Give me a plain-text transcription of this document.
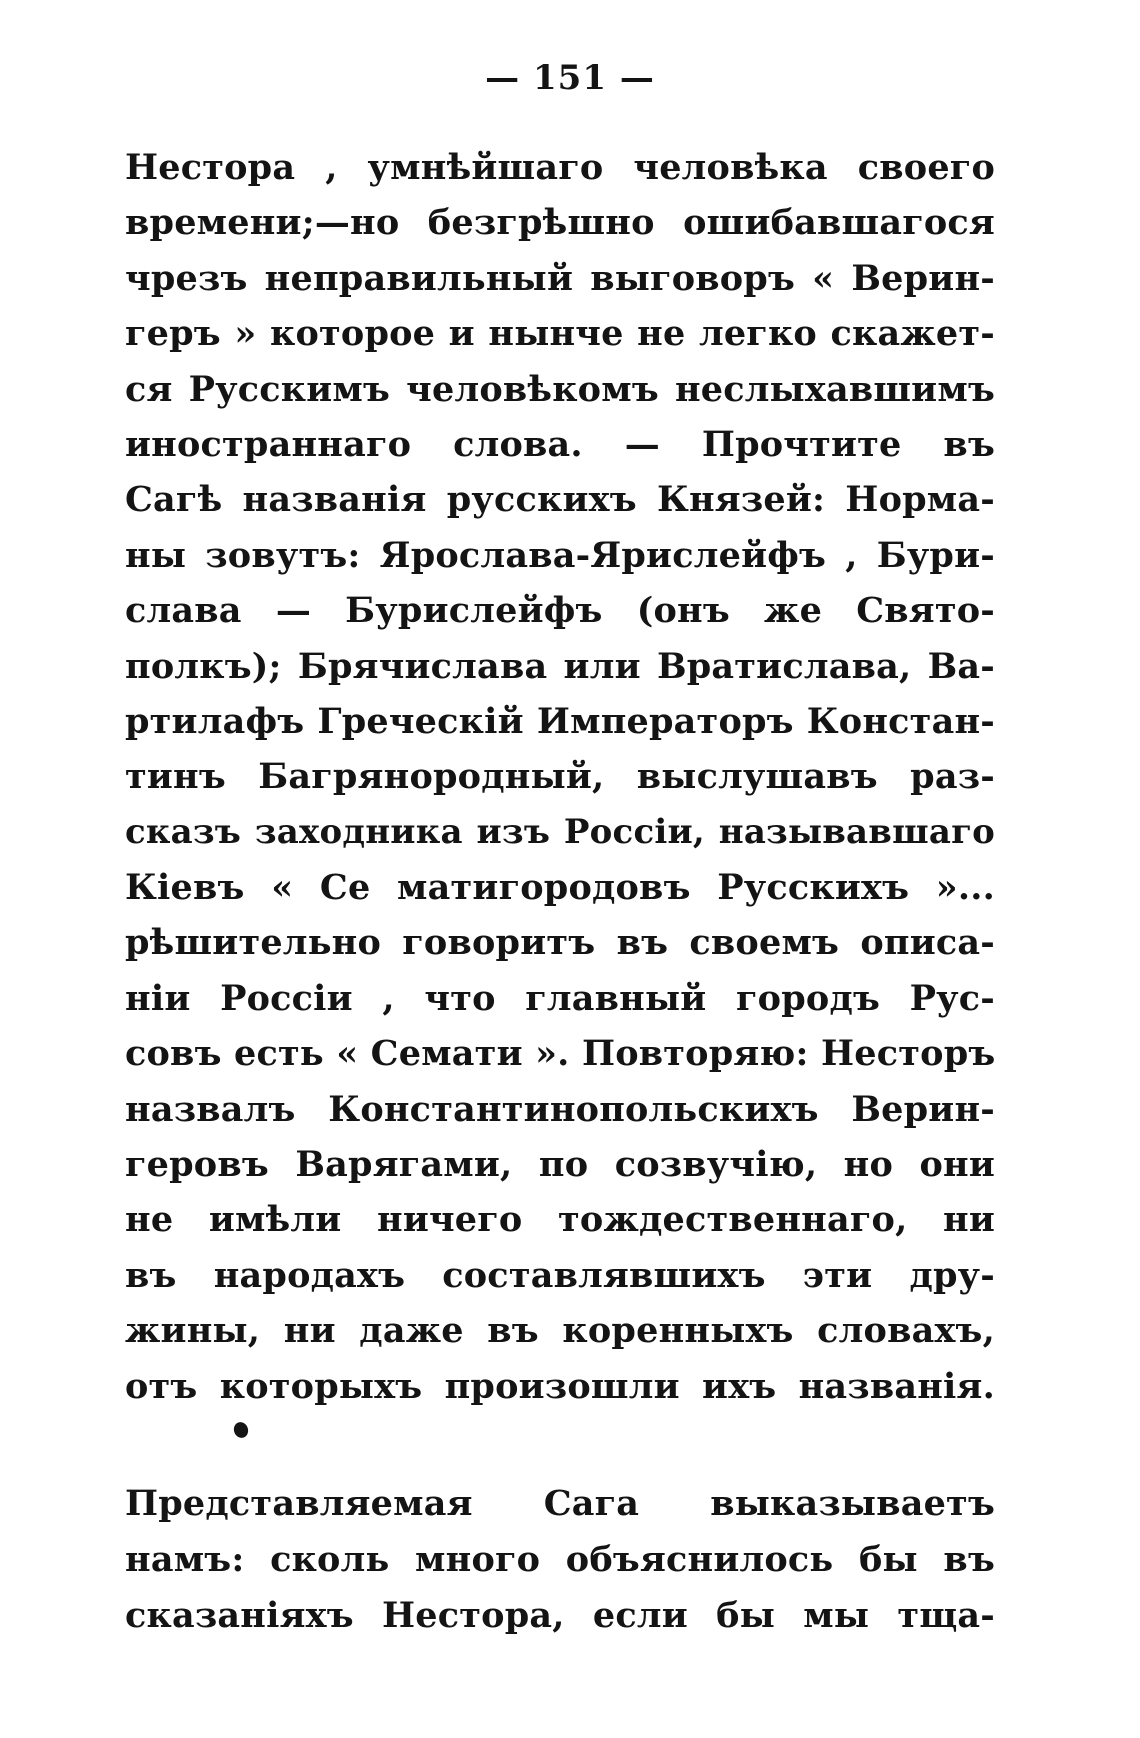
— 151 —
Нестора , умнѣйшаго человѣка своего
времени;—но безгрѣшно ошибавшагося
чрезъ неправильный выговоръ « Верин-
геръ » которое и нынче не легко скажет-
ся Русскимъ человѣкомъ неслыхавшимъ
иностраннаго слова. — Прочтите въ
Сагѣ названія русскихъ Князей: Норма-
ны зовутъ: Ярослава-Ярислейфъ , Бури-
слава — Бурислейфъ (онъ же Свято-
полкъ); Брячислава или Вратислава, Ва-
ртилафъ Греческій Императоръ Констан-
тинъ Багрянородный, выслушавъ раз-
сказъ заходника изъ Россіи, называвшаго
Кіевъ « Се матигородовъ Русскихъ »...
рѣшительно говоритъ въ своемъ описа-
ніи Россіи , что главный городъ Рус-
совъ есть « Семати ». Повторяю: Несторъ
назвалъ Константинопольскихъ Верин-
геровъ Варягами, по созвучію, но они
не имѣли ничего тождественнаго, ни
въ народахъ составлявшихъ эти дру-
жины, ни даже въ коренныхъ словахъ,
отъ которыхъ произошли ихъ названія.
Представляемая Сага выказываетъ
намъ: сколь много объяснилось бы въ
сказаніяхъ Нестора, если бы мы тща-
